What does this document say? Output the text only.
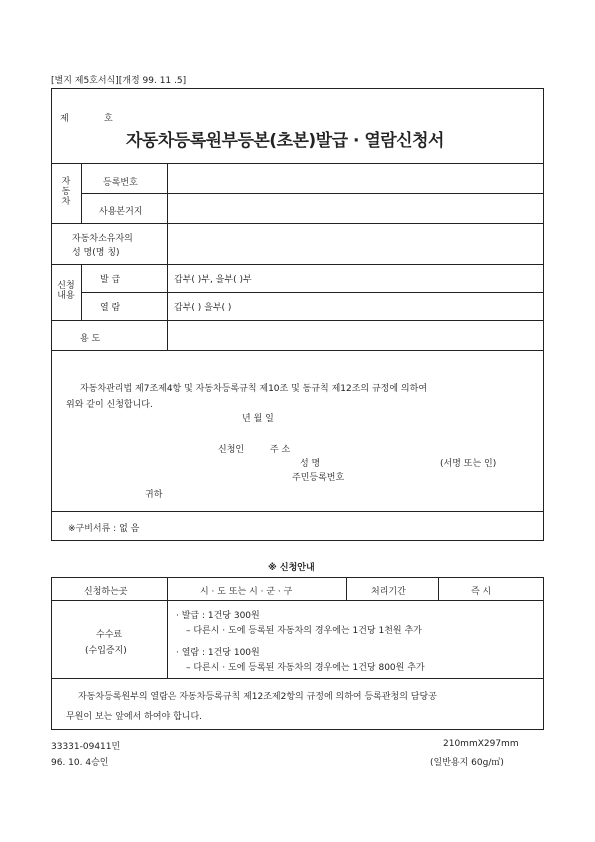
[별지 제5호서식][개정 99. 11 .5]
제	호
자동차등록원부등본(초본)발급 · 열람신청서
자동차
등록번호
사용본거지
자동차소유자의
성 명(명 칭)
신청내용
발 급	갑부( )부, 을부( )부
열 람	갑부( ) 을부( )
용 도
자동차관리법 제7조제4항 및 자동차등록규칙 제10조 및 동규칙 제12조의 규정에 의하여
위와 같이 신청합니다.
년 월 일
신청인	주 소
성 명	(서명 또는 인)
주민등록번호
귀하
※구비서류 : 없 음
※ 신청안내
신청하는곳	시 · 도 또는 시 · 군 · 구	처리기간	즉 시
수수료
(수입증지)
· 발급 : 1건당 300원
– 다른시 · 도에 등록된 자동차의 경우에는 1건당 1천원 추가
· 열람 : 1건당 100원
– 다른시 · 도에 등록된 자동차의 경우에는 1건당 800원 추가
자동차등록원부의 열람은 자동차등록규칙 제12조제2항의 규정에 의하여 등록관청의 담당공
무원이 보는 앞에서 하여야 합니다.
33331-09411민
96. 10. 4승인
210mmX297mm
(일반용지 60g/㎡)
